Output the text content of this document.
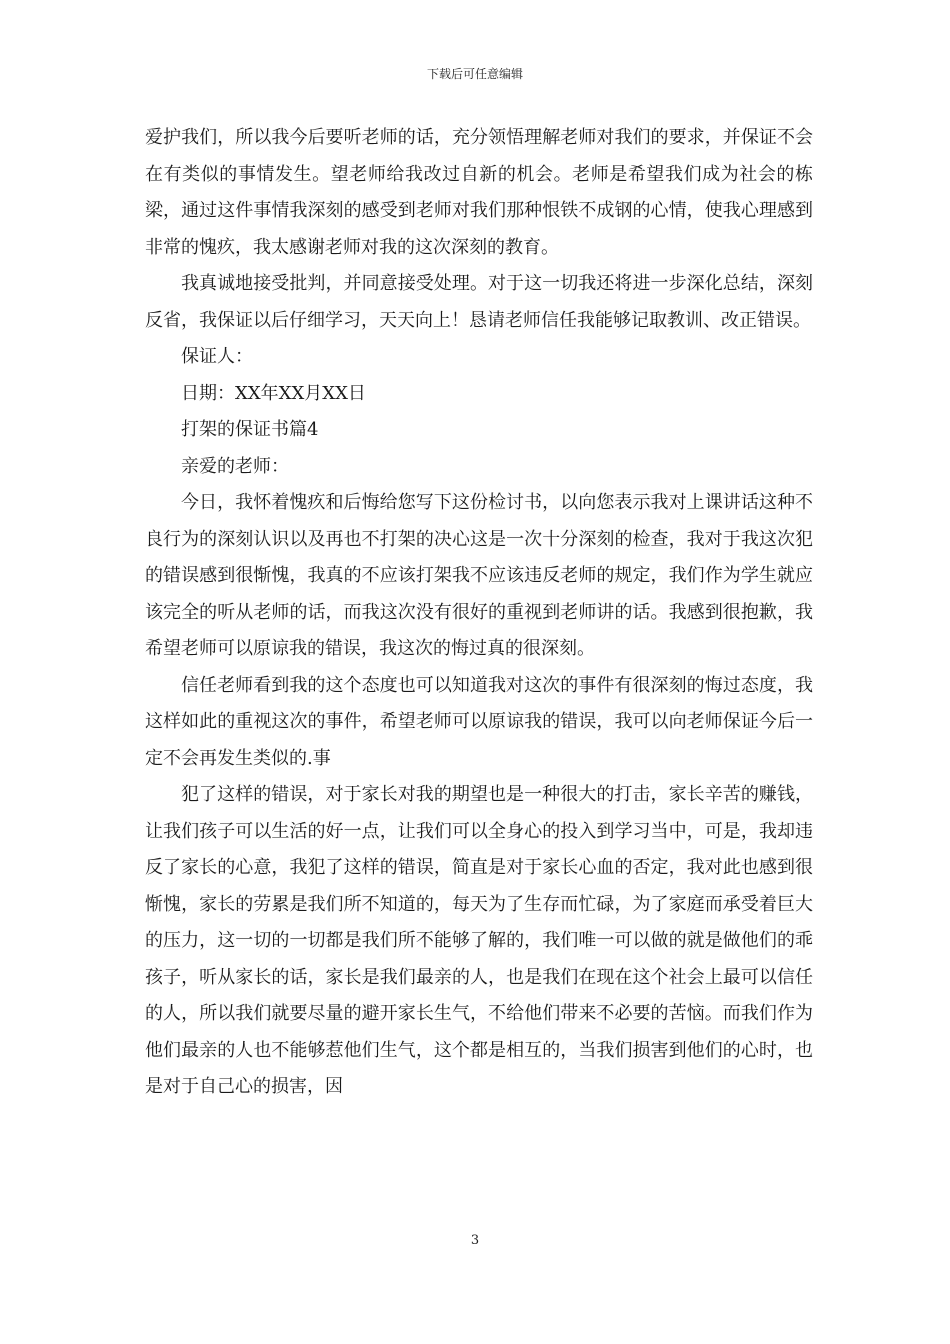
下载后可任意编辑

爱护我们，所以我今后要听老师的话，充分领悟理解老师对我们的要求，并保证不会在有类似的事情发生。望老师给我改过自新的机会。老师是希望我们成为社会的栋梁，通过这件事情我深刻的感受到老师对我们那种恨铁不成钢的心情，使我心理感到非常的愧疚，我太感谢老师对我的这次深刻的教育。

我真诚地接受批判，并同意接受处理。对于这一切我还将进一步深化总结，深刻反省，我保证以后仔细学习，天天向上！恳请老师信任我能够记取教训、改正错误。

保证人：

日期：XX年XX月XX日

打架的保证书篇4

亲爱的老师：

今日，我怀着愧疚和后悔给您写下这份检讨书，以向您表示我对上课讲话这种不良行为的深刻认识以及再也不打架的决心这是一次十分深刻的检查，我对于我这次犯的错误感到很惭愧，我真的不应该打架我不应该违反老师的规定，我们作为学生就应该完全的听从老师的话，而我这次没有很好的重视到老师讲的话。我感到很抱歉，我希望老师可以原谅我的错误，我这次的悔过真的很深刻。

信任老师看到我的这个态度也可以知道我对这次的事件有很深刻的悔过态度，我这样如此的重视这次的事件，希望老师可以原谅我的错误，我可以向老师保证今后一定不会再发生类似的.事

犯了这样的错误，对于家长对我的期望也是一种很大的打击，家长辛苦的赚钱，让我们孩子可以生活的好一点，让我们可以全身心的投入到学习当中，可是，我却违反了家长的心意，我犯了这样的错误，简直是对于家长心血的否定，我对此也感到很惭愧，家长的劳累是我们所不知道的，每天为了生存而忙碌，为了家庭而承受着巨大的压力，这一切的一切都是我们所不能够了解的，我们唯一可以做的就是做他们的乖孩子，听从家长的话，家长是我们最亲的人，也是我们在现在这个社会上最可以信任的人，所以我们就要尽量的避开家长生气，不给他们带来不必要的苦恼。而我们作为他们最亲的人也不能够惹他们生气，这个都是相互的，当我们损害到他们的心时，也是对于自己心的损害，因

3
